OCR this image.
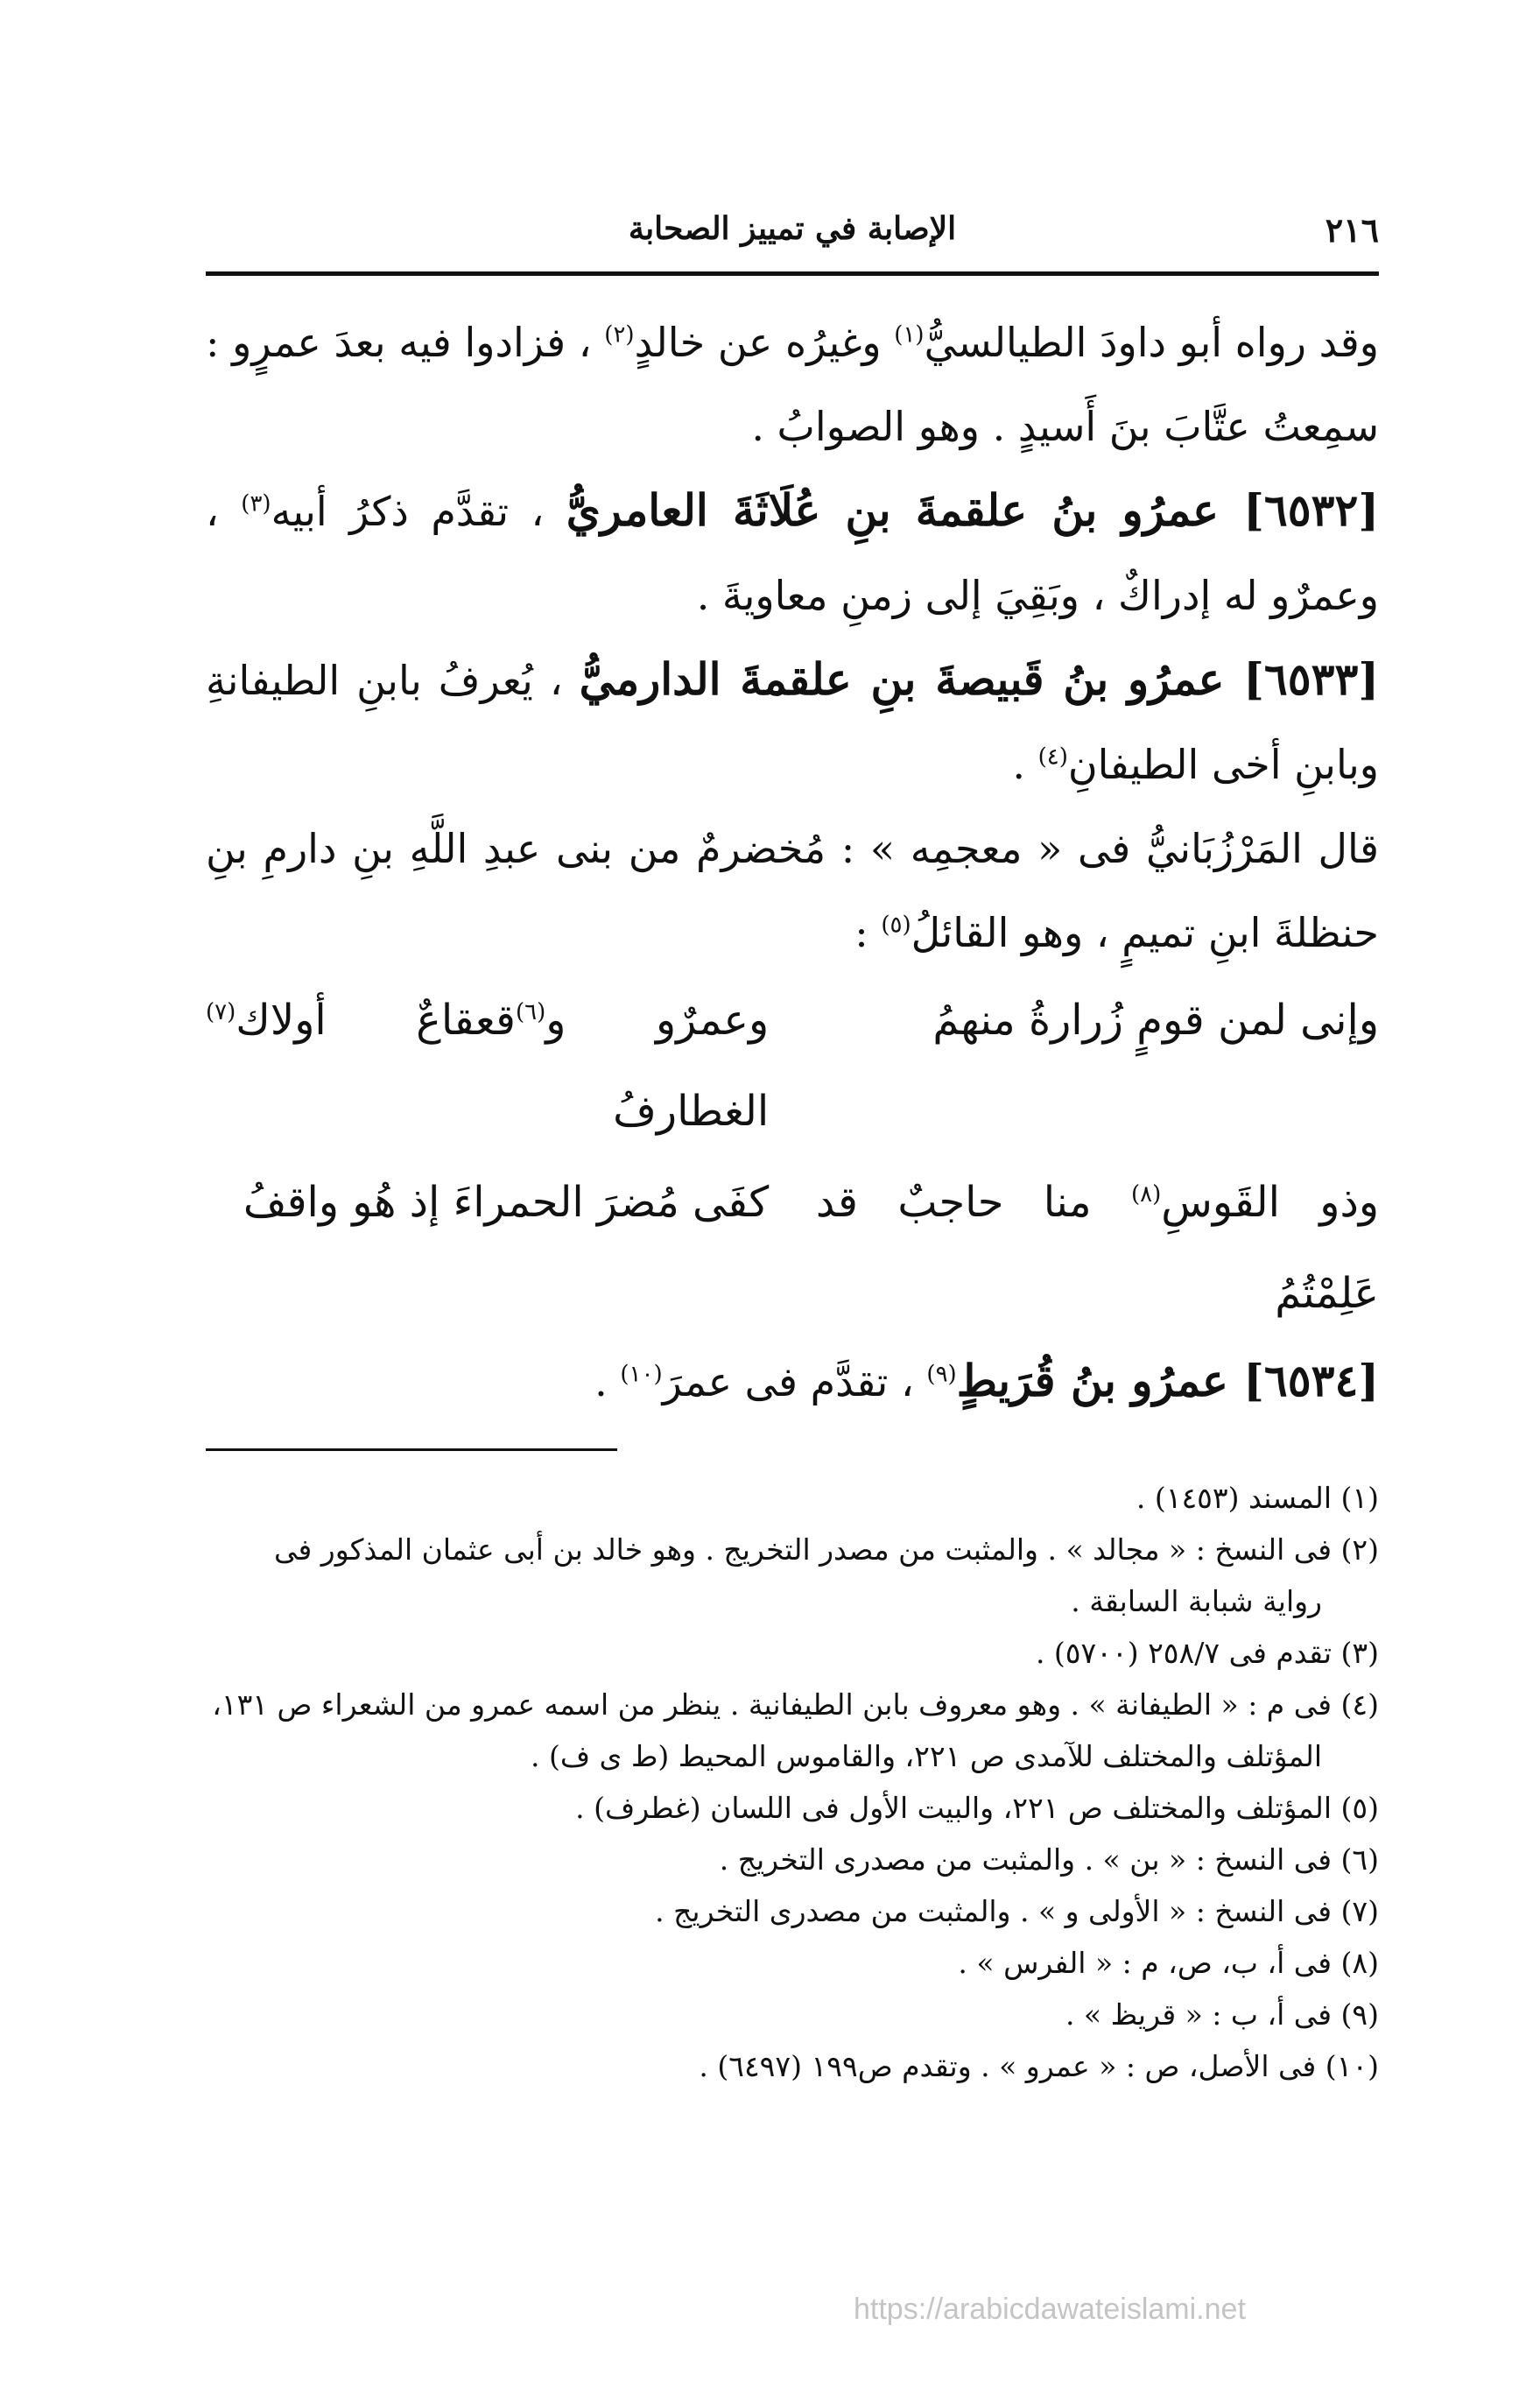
٢١٦
الإصابة في تمييز الصحابة

وقد رواه أبو داودَ الطيالسيُّ$^{(١)}$ وغيرُه عن خالدٍ$^{(٢)}$ ، فزادوا فيه بعدَ عمرٍو : سمِعتُ عتَّابَ بنَ أَسيدٍ . وهو الصوابُ .

[٦٥٣٢] عمرُو بنُ علقمةَ بنِ عُلَاثَةَ العامريُّ ، تقدَّم ذكرُ أبيه$^{(٣)}$ ، وعمرٌو له إدراكٌ ، وبَقِيَ إلى زمنِ معاويةَ .

[٦٥٣٣] عمرُو بنُ قَبيصةَ بنِ علقمةَ الدارميُّ ، يُعرفُ بابنِ الطيفانةِ وبابنِ أخى الطيفانِ$^{(٤)}$ .

قال المَرْزُبَانيُّ فى « معجمِه » : مُخضرمٌ من بنى عبدِ اللَّهِ بنِ دارمِ بنِ حنظلةَ ابنِ تميمٍ ، وهو القائلُ$^{(٥)}$ :

وإنى لمن قومٍ زُرارةُ منهمُ
وعمرٌو و$^{(٦)}$قعقاعٌ أولاك$^{(٧)}$ الغطارفُ
وذو القَوسِ$^{(٨)}$ منا حاجبٌ قد عَلِمْتُمُ
كفَى مُضرَ الحمراءَ إذ هُو واقفُ

[٦٥٣٤] عمرُو بنُ قُرَيطٍ$^{(٩)}$ ، تقدَّم فى عمرَ$^{(١٠)}$ .

(١) المسند (١٤٥٣) .
(٢) فى النسخ : « مجالد » . والمثبت من مصدر التخريج . وهو خالد بن أبى عثمان المذكور فى
رواية شبابة السابقة .
(٣) تقدم فى ٢٥٨/٧ (٥٧٠٠) .
(٤) فى م : « الطيفانة » . وهو معروف بابن الطيفانية . ينظر من اسمه عمرو من الشعراء ص ١٣١،
المؤتلف والمختلف للآمدى ص ٢٢١، والقاموس المحيط (ط ى ف) .
(٥) المؤتلف والمختلف ص ٢٢١، والبيت الأول فى اللسان (غطرف) .
(٦) فى النسخ : « بن » . والمثبت من مصدرى التخريج .
(٧) فى النسخ : « الأولى و » . والمثبت من مصدرى التخريج .
(٨) فى أ، ب، ص، م : « الفرس » .
(٩) فى أ، ب : « قريظ » .
(١٠) فى الأصل، ص : « عمرو » . وتقدم ص١٩٩ (٦٤٩٧) .
https://arabicdawateislami.net
